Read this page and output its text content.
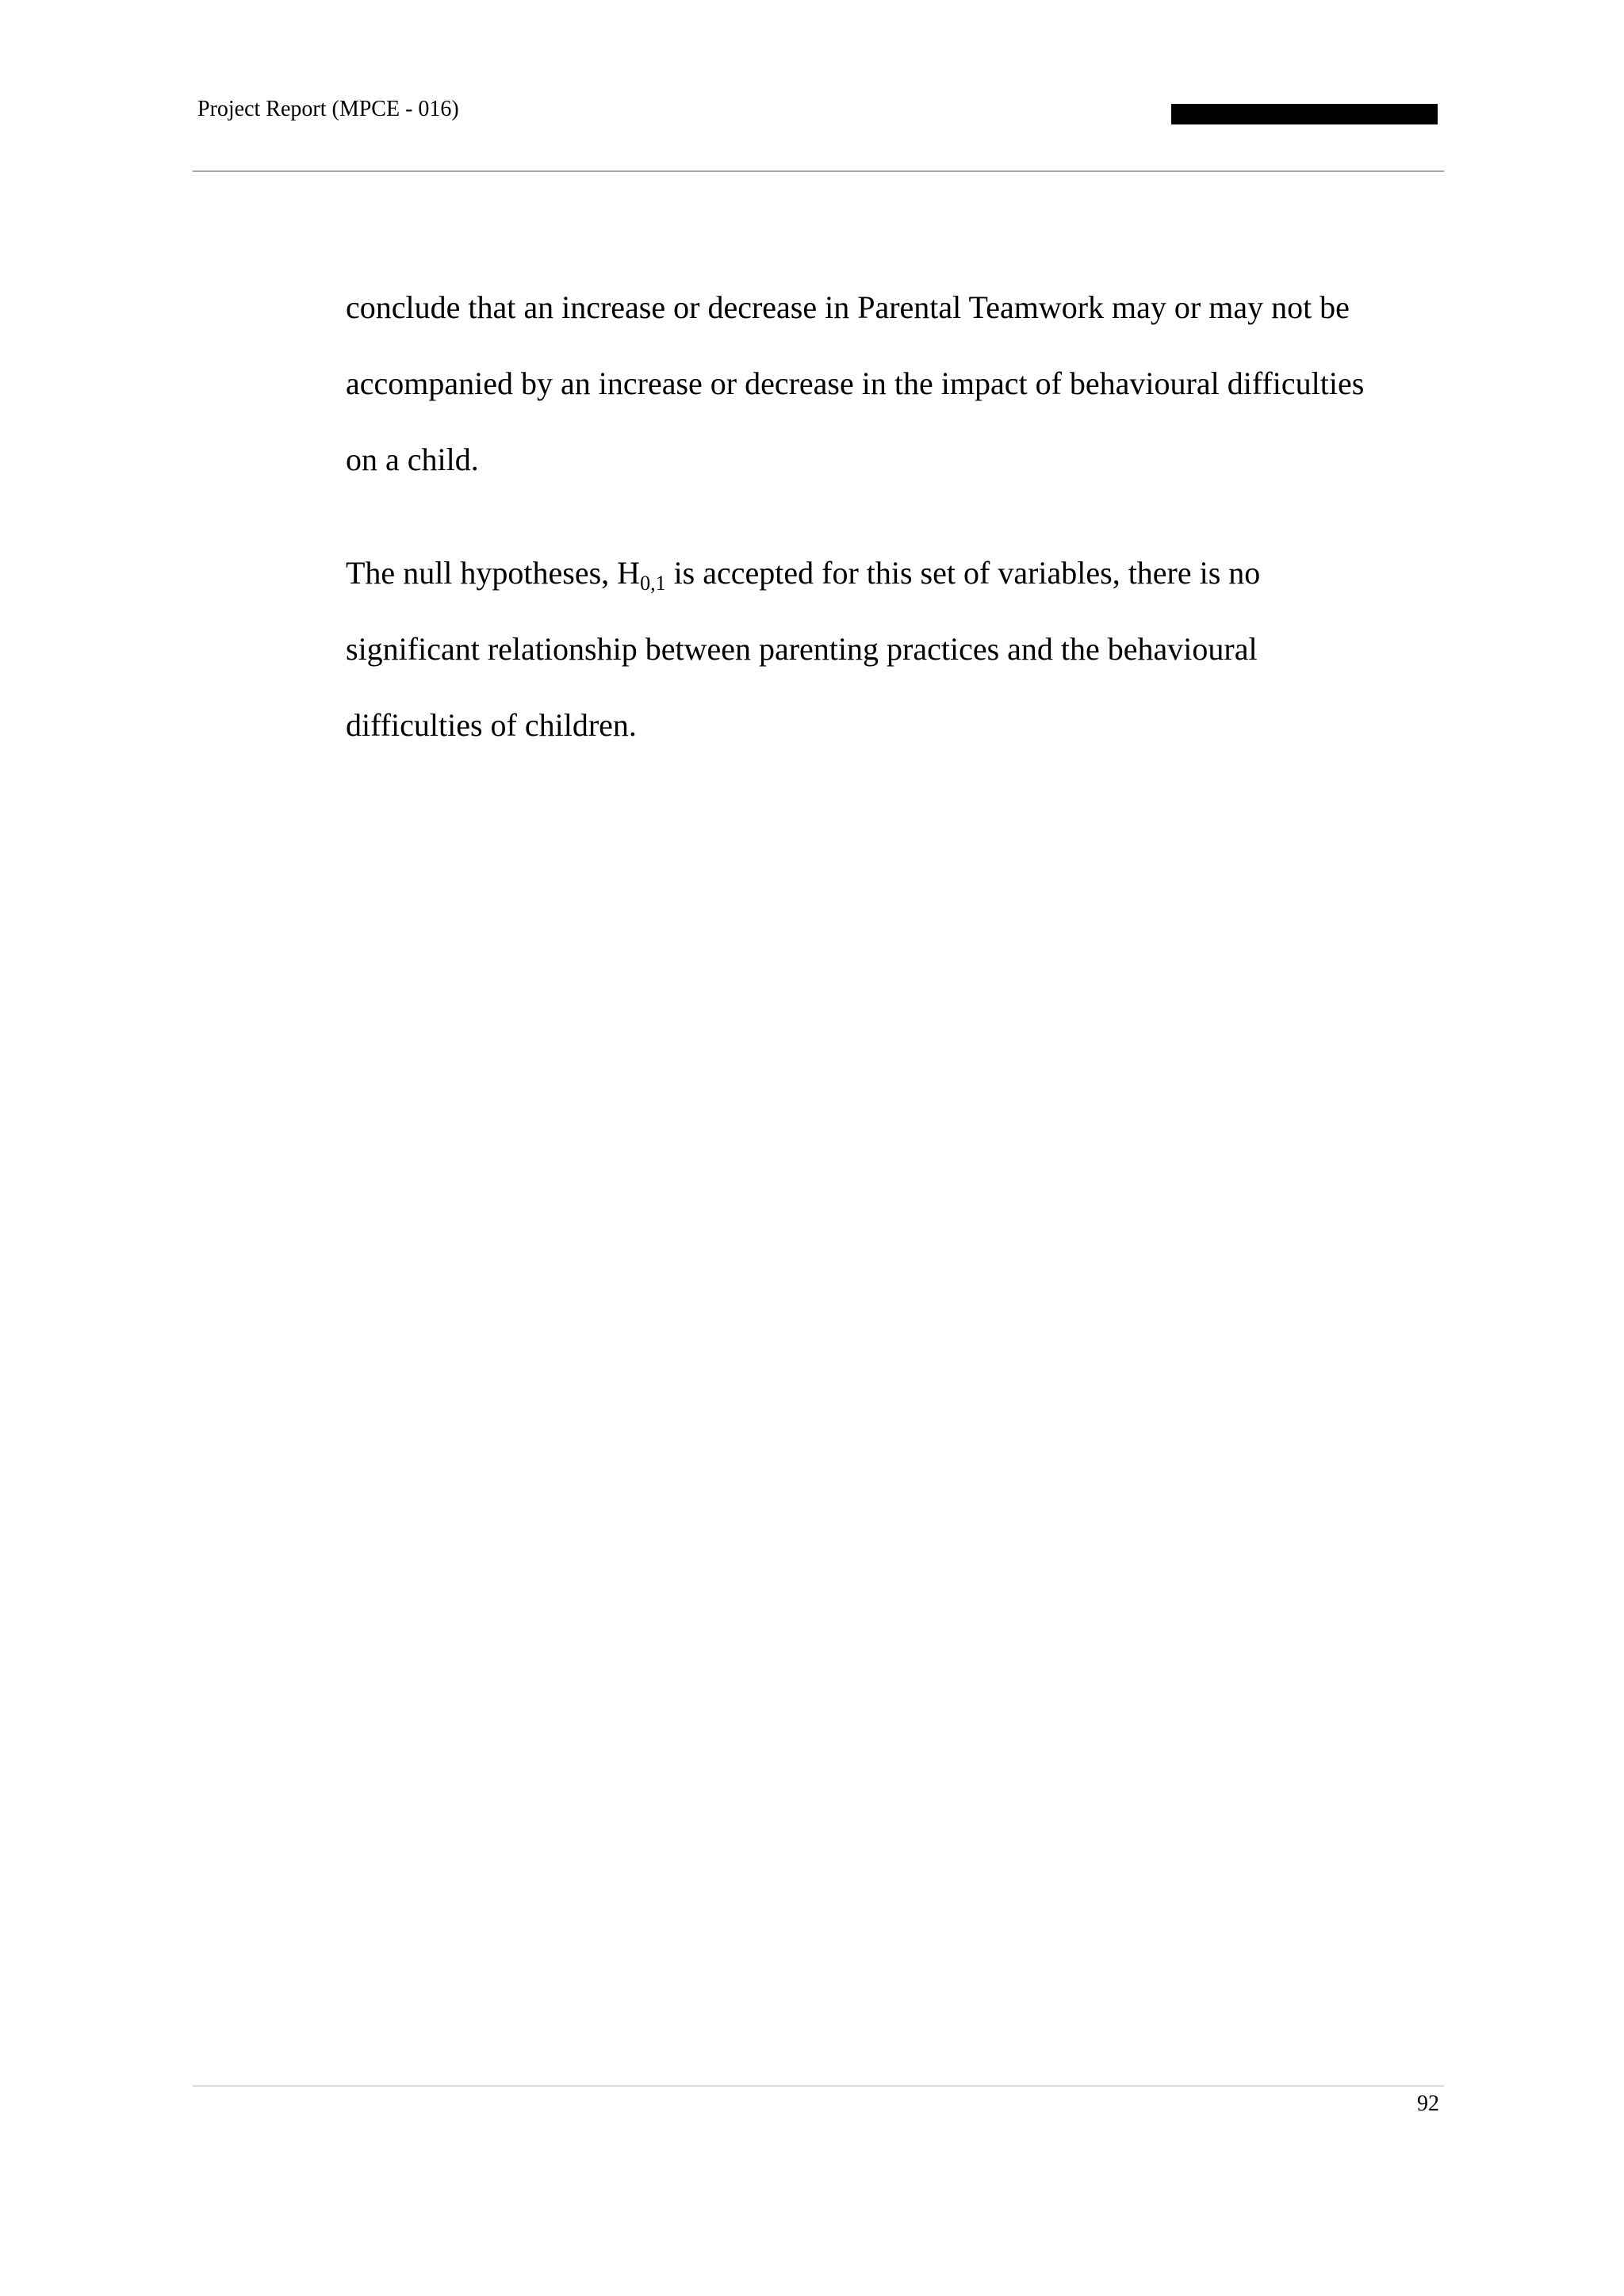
Project Report (MPCE - 016)
conclude that an increase or decrease in Parental Teamwork may or may not be
accompanied by an increase or decrease in the impact of behavioural difficulties
on a child.
The null hypotheses, $H_{0,1}$ is accepted for this set of variables, there is no
significant relationship between parenting practices and the behavioural
difficulties of children.
92
